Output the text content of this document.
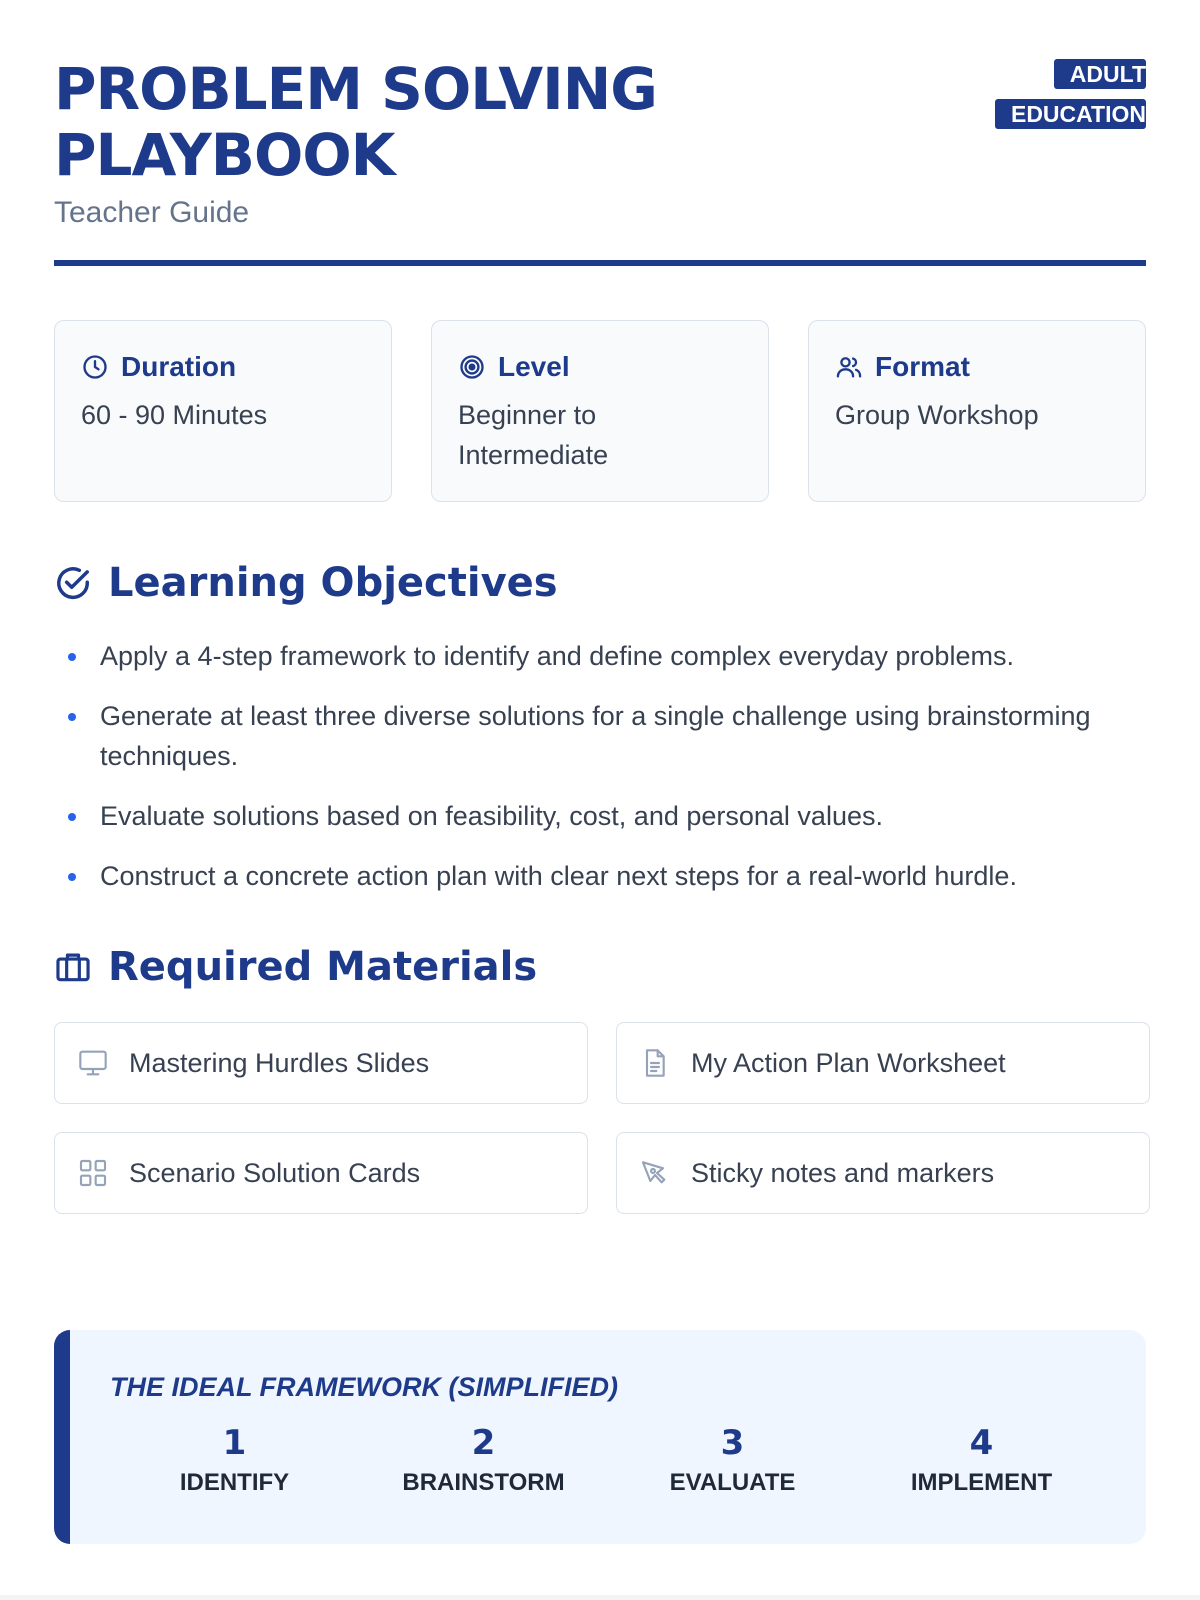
PROBLEM SOLVING PLAYBOOK
Teacher Guide
ADULT EDUCATION
Duration
60 - 90 Minutes
Level
Beginner to Intermediate
Format
Group Workshop
Learning Objectives
Apply a 4-step framework to identify and define complex everyday problems.
Generate at least three diverse solutions for a single challenge using brainstorming techniques.
Evaluate solutions based on feasibility, cost, and personal values.
Construct a concrete action plan with clear next steps for a real-world hurdle.
Required Materials
Mastering Hurdles Slides	My Action Plan Worksheet
Scenario Solution Cards	Sticky notes and markers
THE IDEAL FRAMEWORK (SIMPLIFIED)
1
IDENTIFY
2
BRAINSTORM
3
EVALUATE
4
IMPLEMENT
